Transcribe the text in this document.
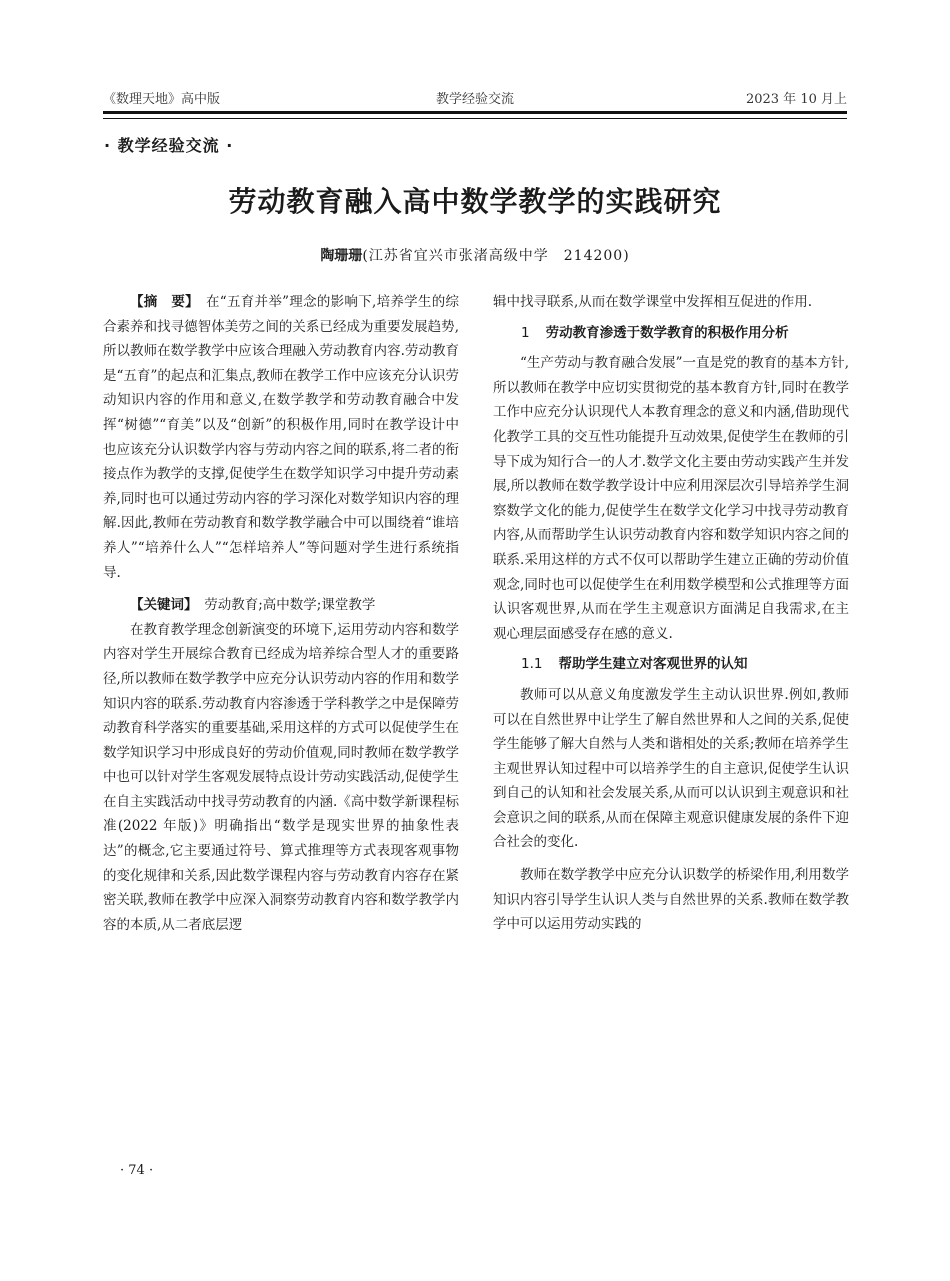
《数理天地》高中版	教学经验交流	2023 年 10 月上
· 教学经验交流 ·
劳动教育融入高中数学教学的实践研究
陶珊珊(江苏省宜兴市张渚高级中学　214200)

【摘　要】　 在“五育并举”理念的影响下,培养学生的综合素养和找寻德智体美劳之间的关系已经成为重要发展趋势,所以教师在数学教学中应该合理融入劳动教育内容.劳动教育是“五育”的起点和汇集点,教师在教学工作中应该充分认识劳动知识内容的作用和意义,在数学教学和劳动教育融合中发挥“树德”“育美”以及“创新”的积极作用,同时在教学设计中也应该充分认识数学内容与劳动内容之间的联系,将二者的衔接点作为教学的支撑,促使学生在数学知识学习中提升劳动素养,同时也可以通过劳动内容的学习深化对数学知识内容的理解.因此,教师在劳动教育和数学教学融合中可以围绕着“谁培养人”“培养什么人”“怎样培养人”等问题对学生进行系统指导.

【关键词】　 劳动教育;高中数学;课堂教学

在教育教学理念创新演变的环境下,运用劳动内容和数学内容对学生开展综合教育已经成为培养综合型人才的重要路径,所以教师在数学教学中应充分认识劳动内容的作用和数学知识内容的联系.劳动教育内容渗透于学科教学之中是保障劳动教育科学落实的重要基础,采用这样的方式可以促使学生在数学知识学习中形成良好的劳动价值观,同时教师在数学教学中也可以针对学生客观发展特点设计劳动实践活动,促使学生在自主实践活动中找寻劳动教育的内涵.《高中数学新课程标准(2022 年版)》明确指出“数学是现实世界的抽象性表达”的概念,它主要通过符号、算式推理等方式表现客观事物的变化规律和关系,因此数学课程内容与劳动教育内容存在紧密关联,教师在教学中应深入洞察劳动教育内容和数学教学内容的本质,从二者底层逻

辑中找寻联系,从而在数学课堂中发挥相互促进的作用.

1 劳动教育渗透于数学教育的积极作用分析

“生产劳动与教育融合发展”一直是党的教育的基本方针,所以教师在教学中应切实贯彻党的基本教育方针,同时在教学工作中应充分认识现代人本教育理念的意义和内涵,借助现代化教学工具的交互性功能提升互动效果,促使学生在教师的引导下成为知行合一的人才.数学文化主要由劳动实践产生并发展,所以教师在数学教学设计中应利用深层次引导培养学生洞察数学文化的能力,促使学生在数学文化学习中找寻劳动教育内容,从而帮助学生认识劳动教育内容和数学知识内容之间的联系.采用这样的方式不仅可以帮助学生建立正确的劳动价值观念,同时也可以促使学生在利用数学模型和公式推理等方面认识客观世界,从而在学生主观意识方面满足自我需求,在主观心理层面感受存在感的意义.

1.1 帮助学生建立对客观世界的认知

教师可以从意义角度激发学生主动认识世界.例如,教师可以在自然世界中让学生了解自然世界和人之间的关系,促使学生能够了解大自然与人类和谐相处的关系;教师在培养学生主观世界认知过程中可以培养学生的自主意识,促使学生认识到自己的认知和社会发展关系,从而可以认识到主观意识和社会意识之间的联系,从而在保障主观意识健康发展的条件下迎合社会的变化.

教师在数学教学中应充分认识数学的桥梁作用,利用数学知识内容引导学生认识人类与自然世界的关系.教师在数学教学中可以运用劳动实践的

· 74 ·
